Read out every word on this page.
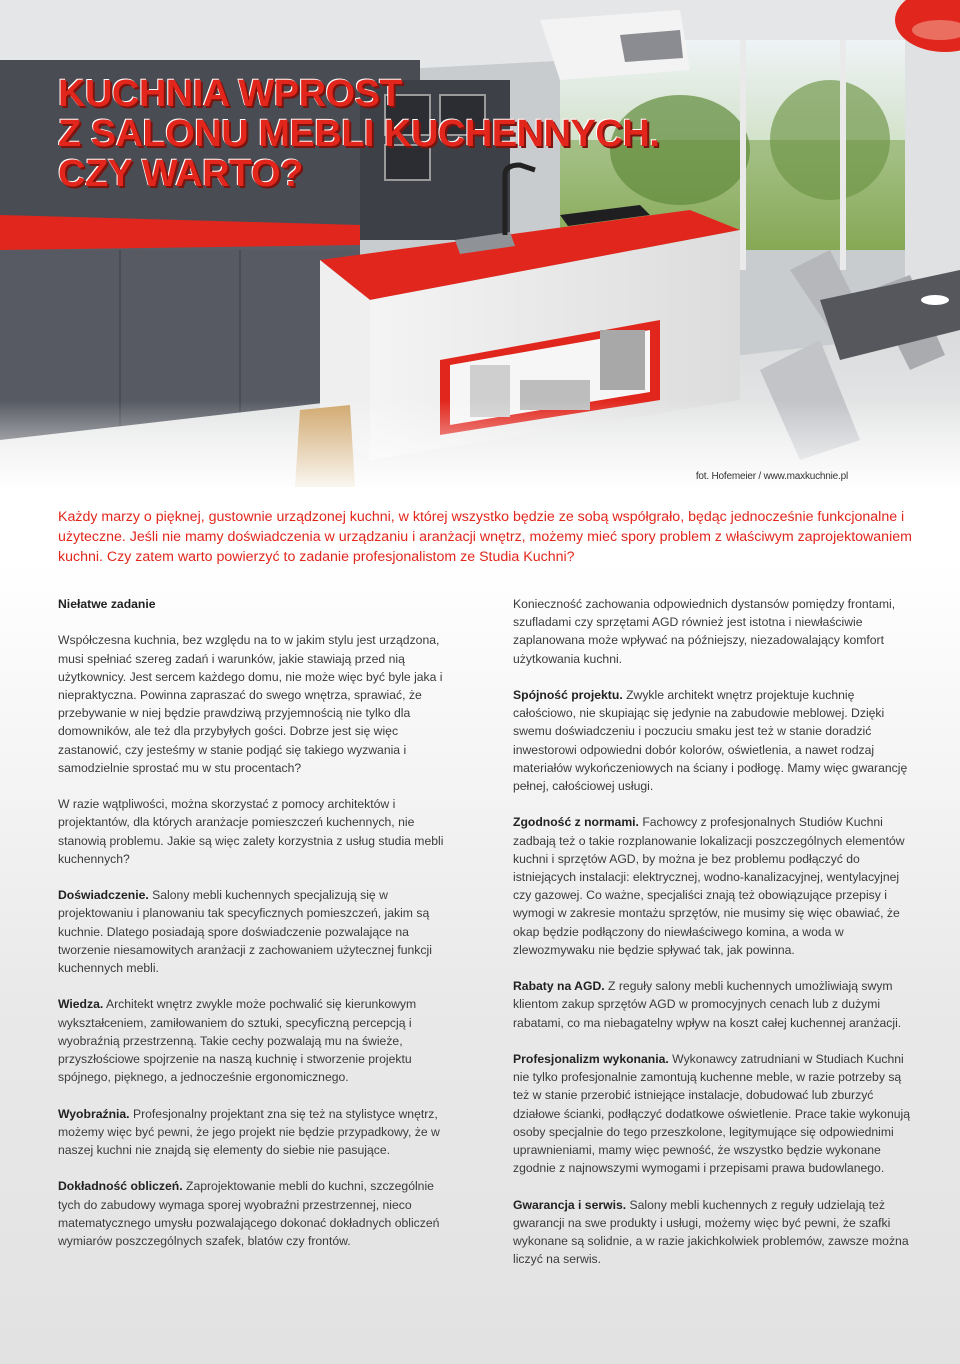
KUCHNIA WPROST
Z SALONU MEBLI KUCHENNYCH.
CZY WARTO?
fot. Hofemeier / www.maxkuchnie.pl

Każdy marzy o pięknej, gustownie urządzonej kuchni, w której wszystko będzie ze sobą współgrało, będąc jednocześnie funkcjonalne i użyteczne. Jeśli nie mamy doświadczenia w urządzaniu i aranżacji wnętrz, możemy mieć spory problem z właściwym zaprojektowaniem kuchni. Czy zatem warto powierzyć to zadanie profesjonalistom ze Studia Kuchni?

Niełatwe zadanie

Współczesna kuchnia, bez względu na to w jakim stylu jest urządzona, musi spełniać szereg zadań i warunków, jakie stawiają przed nią użytkownicy. Jest sercem każdego domu, nie może więc być byle jaka i niepraktyczna. Powinna zapraszać do swego wnętrza, sprawiać, że przebywanie w niej będzie prawdziwą przyjemnością nie tylko dla domowników, ale też dla przybyłych gości. Dobrze jest się więc zastanowić, czy jesteśmy w stanie podjąć się takiego wyzwania i samodzielnie sprostać mu w stu procentach?

W razie wątpliwości, można skorzystać z pomocy architektów i projektantów, dla których aranżacje pomieszczeń kuchennych, nie stanowią problemu. Jakie są więc zalety korzystnia z usług studia mebli kuchennych?

Doświadczenie. Salony mebli kuchennych specjalizują się w projektowaniu i planowaniu tak specyficznych pomieszczeń, jakim są kuchnie. Dlatego posiadają spore doświadczenie pozwalające na tworzenie niesamowitych aranżacji z zachowaniem użytecznej funkcji kuchennych mebli.

Wiedza. Architekt wnętrz zwykle może pochwalić się kierunkowym wykształceniem, zamiłowaniem do sztuki, specyficzną percepcją i wyobraźnią przestrzenną. Takie cechy pozwalają mu na świeże, przyszłościowe spojrzenie na naszą kuchnię i stworzenie projektu spójnego, pięknego, a jednocześnie ergonomicznego.

Wyobraźnia. Profesjonalny projektant zna się też na stylistyce wnętrz, możemy więc być pewni, że jego projekt nie będzie przypadkowy, że w naszej kuchni nie znajdą się elementy do siebie nie pasujące.

Dokładność obliczeń. Zaprojektowanie mebli do kuchni, szczególnie tych do zabudowy wymaga sporej wyobraźni przestrzennej, nieco matematycznego umysłu pozwalającego dokonać dokładnych obliczeń wymiarów poszczególnych szafek, blatów czy frontów.

Konieczność zachowania odpowiednich dystansów pomiędzy frontami, szufladami czy sprzętami AGD również jest istotna i niewłaściwie zaplanowana może wpływać na późniejszy, niezadowalający komfort użytkowania kuchni.

Spójność projektu. Zwykle architekt wnętrz projektuje kuchnię całościowo, nie skupiając się jedynie na zabudowie meblowej. Dzięki swemu doświadczeniu i poczuciu smaku jest też w stanie doradzić inwestorowi odpowiedni dobór kolorów, oświetlenia, a nawet rodzaj materiałów wykończeniowych na ściany i podłogę. Mamy więc gwarancję pełnej, całościowej usługi.

Zgodność z normami. Fachowcy z profesjonalnych Studiów Kuchni zadbają też o takie rozplanowanie lokalizacji poszczególnych elementów kuchni i sprzętów AGD, by można je bez problemu podłączyć do istniejących instalacji: elektrycznej, wodno-kanalizacyjnej, wentylacyjnej czy gazowej. Co ważne, specjaliści znają też obowiązujące przepisy i wymogi w zakresie montażu sprzętów, nie musimy się więc obawiać, że okap będzie podłączony do niewłaściwego komina, a woda w zlewozmywaku nie będzie spływać tak, jak powinna.

Rabaty na AGD. Z reguły salony mebli kuchennych umożliwiają swym klientom zakup sprzętów AGD w promocyjnych cenach lub z dużymi rabatami, co ma niebagatelny wpływ na koszt całej kuchennej aranżacji.

Profesjonalizm wykonania. Wykonawcy zatrudniani w Studiach Kuchni nie tylko profesjonalnie zamontują kuchenne meble, w razie potrzeby są też w stanie przerobić istniejące instalacje, dobudować lub zburzyć działowe ścianki, podłączyć dodatkowe oświetlenie. Prace takie wykonują osoby specjalnie do tego przeszkolone, legitymujące się odpowiednimi uprawnieniami, mamy więc pewność, że wszystko będzie wykonane zgodnie z najnowszymi wymogami i przepisami prawa budowlanego.

Gwarancja i serwis. Salony mebli kuchennych z reguły udzielają też gwarancji na swe produkty i usługi, możemy więc być pewni, że szafki wykonane są solidnie, a w razie jakichkolwiek problemów, zawsze można liczyć na serwis.
